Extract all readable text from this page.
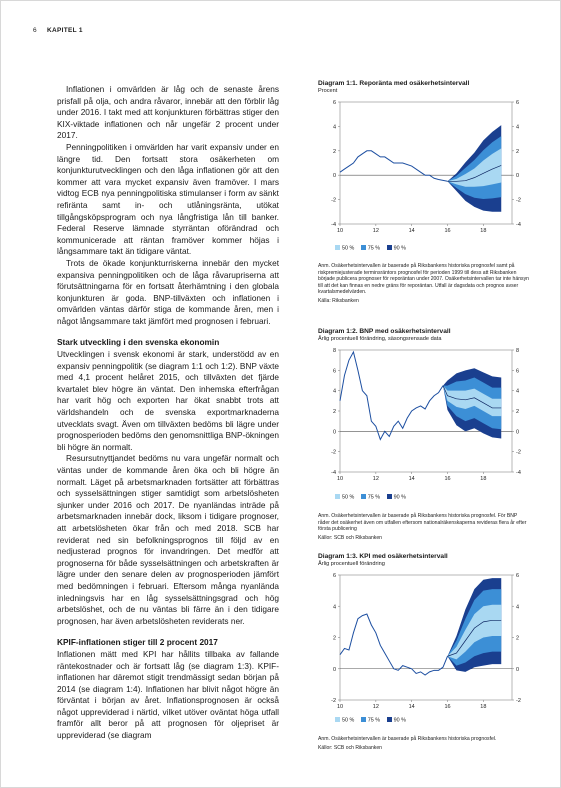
6 KAPITEL 1

Inflationen i omvärlden är låg och de senaste årens prisfall på olja, och andra råvaror, innebär att den förblir låg under 2016. I takt med att konjunkturen förbättras stiger den KIX-viktade inflationen och når ungefär 2 procent under 2017.

Penningpolitiken i omvärlden har varit expansiv under en längre tid. Den fortsatt stora osäkerheten om konjunkturutvecklingen och den låga inflationen gör att den kommer att vara mycket expansiv även framöver. I mars vidtog ECB nya penningpolitiska stimulanser i form av sänkt refiränta samt in- och utlåningsränta, utökat tillgångsköpsprogram och nya långfristiga lån till banker. Federal Reserve lämnade styrräntan oförändrad och kommunicerade att räntan framöver kommer höjas i långsammare takt än tidigare väntat.

Trots de ökade konjunkturriskerna innebär den mycket expansiva penningpolitiken och de låga råvarupriserna att förutsättningarna för en fortsatt återhämtning i den globala konjunkturen är goda. BNP-tillväxten och inflationen i omvärlden väntas därför stiga de kommande åren, men i något långsammare takt jämfört med prognosen i februari.

Stark utveckling i den svenska ekonomin

Utvecklingen i svensk ekonomi är stark, understödd av en expansiv penningpolitik (se diagram 1:1 och 1:2). BNP växte med 4,1 procent helåret 2015, och tillväxten det fjärde kvartalet blev högre än väntat. Den inhemska efterfrågan har varit hög och exporten har ökat snabbt trots att världshandeln och de svenska exportmarknaderna utvecklats svagt. Även om tillväxten bedöms bli lägre under prognosperioden bedöms den genomsnittliga BNP-ökningen bli högre än normalt.

Resursutnyttjandet bedöms nu vara ungefär normalt och väntas under de kommande åren öka och bli högre än normalt. Läget på arbetsmarknaden fortsätter att förbättras och sysselsättningen stiger samtidigt som arbetslösheten sjunker under 2016 och 2017. De nyanländas inträde på arbetsmarknaden innebär dock, liksom i tidigare prognoser, att arbetslösheten ökar från och med 2018. SCB har reviderat ned sin befolkningsprognos till följd av en nedjusterad prognos för invandringen. Det medför att prognoserna för både sysselsättningen och arbetskraften är lägre under den senare delen av prognosperioden jämfört med bedömningen i februari. Eftersom många nyanlända inledningsvis har en låg sysselsättningsgrad och hög arbetslöshet, och de nu väntas bli färre än i den tidigare prognosen, har även arbetslösheten reviderats ner.

KPIF-inflationen stiger till 2 procent 2017

Inflationen mätt med KPI har hållits tillbaka av fallande räntekostnader och är fortsatt låg (se diagram 1:3). KPIF-inflationen har däremot stigit trendmässigt sedan början på 2014 (se diagram 1:4). Inflationen har blivit något högre än förväntat i början av året. Inflationsprognosen är också något uppreviderad i närtid, vilket utöver oväntat höga utfall framför allt beror på att prognosen för oljepriset är uppreviderad (se diagram

Diagram 1:1. Reporänta med osäkerhetsintervall
Procent
-4	-4
-2	-2
0	0
2	2
4	4
6	6
10	12	14	16	18
50 %	75 %	90 %
Anm. Osäkerhetsintervallen är baserade på Riksbankens historiska prognosfel samt på riskpremiejusterade terminsräntors prognosfel för perioden 1999 till dess att Riksbanken började publicera prognoser för reporäntan under 2007. Osäkerhetsintervallen tar inte hänsyn till att det kan finnas en nedre gräns för reporäntan. Utfall är dagsdata och prognos avser kvartalsmedelvärden.
Källa: Riksbanken
Diagram 1:2. BNP med osäkerhetsintervall
Årlig procentuell förändring, säsongsrensade data
-4	-4
-2	-2
0	0
2	2
4	4
6	6
8	8
10	12	14	16	18
50 %	75 %	90 %
Anm. Osäkerhetsintervallen är baserade på Riksbankens historiska prognosfel. För BNP råder det osäkerhet även om utfallen eftersom nationalräkenskaperna revideras flera år efter första publicering
Källor: SCB och Riksbanken
Diagram 1:3. KPI med osäkerhetsintervall
Årlig procentuell förändring
-2	-2
0	0
2	2
4	4
6	6
10	12	14	16	18
50 %	75 %	90 %
Anm. Osäkerhetsintervallen är baserade på Riksbankens historiska prognosfel.
Källor: SCB och Riksbanken
